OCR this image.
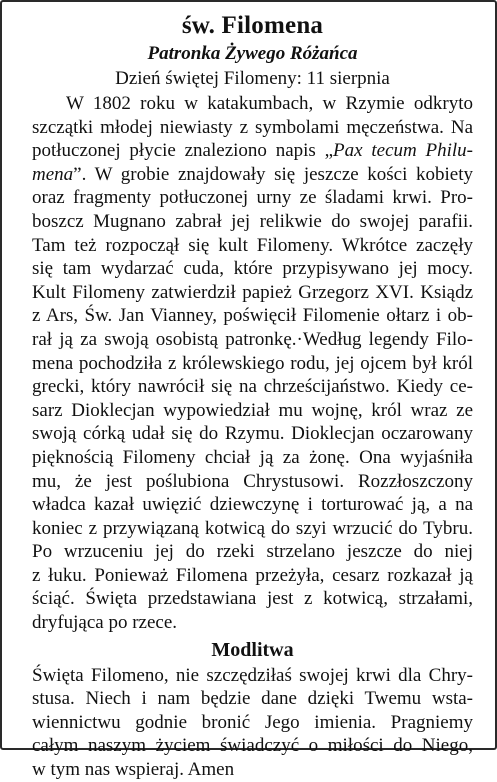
św. Filomena
Patronka Żywego Różańca
Dzień świętej Filomeny: 11 sierpnia
W 1802 roku w katakumbach, w Rzymie odkryto
szczątki młodej niewiasty z symbolami męczeństwa. Na
potłuczonej płycie znaleziono napis „Pax tecum Philu-
mena”. W grobie znajdowały się jeszcze kości kobiety
oraz fragmenty potłuczonej urny ze śladami krwi. Pro-
boszcz Mugnano zabrał jej relikwie do swojej parafii.
Tam też rozpoczął się kult Filomeny. Wkrótce zaczęły
się tam wydarzać cuda, które przypisywano jej mocy.
Kult Filomeny zatwierdził papież Grzegorz XVI. Ksiądz
z Ars, Św. Jan Vianney, poświęcił Filomenie ołtarz i ob-
rał ją za swoją osobistą patronkę.·Według legendy Filo-
mena pochodziła z królewskiego rodu, jej ojcem był król
grecki, który nawrócił się na chrześcijaństwo. Kiedy ce-
sarz Dioklecjan wypowiedział mu wojnę, król wraz ze
swoją córką udał się do Rzymu. Dioklecjan oczarowany
pięknością Filomeny chciał ją za żonę. Ona wyjaśniła
mu, że jest poślubiona Chrystusowi. Rozzłoszczony
władca kazał uwięzić dziewczynę i torturować ją, a na
koniec z przywiązaną kotwicą do szyi wrzucić do Tybru.
Po wrzuceniu jej do rzeki strzelano jeszcze do niej
z łuku. Ponieważ Filomena przeżyła, cesarz rozkazał ją
ściąć. Święta przedstawiana jest z kotwicą, strzałami,
dryfująca po rzece.
Modlitwa
Święta Filomeno, nie szczędziłaś swojej krwi dla Chry-
stusa. Niech i nam będzie dane dzięki Twemu wsta-
wiennictwu godnie bronić Jego imienia. Pragniemy
całym naszym życiem świadczyć o miłości do Niego,
w tym nas wspieraj. Amen
